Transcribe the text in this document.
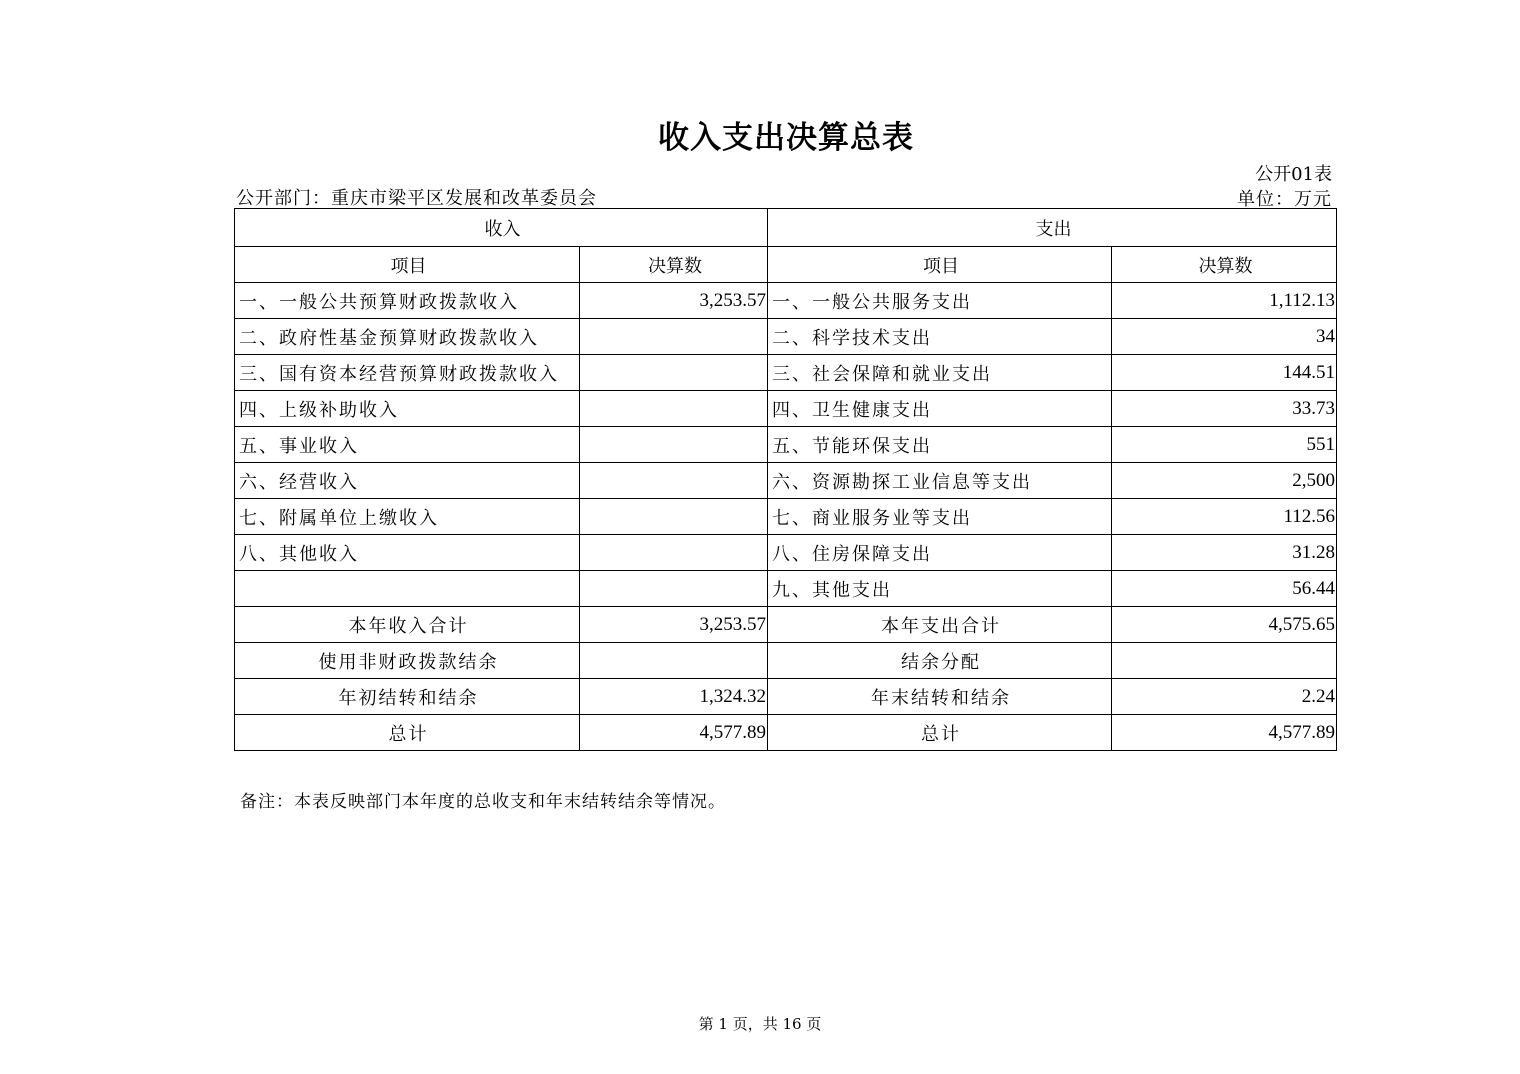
收入支出决算总表
公开01表
公开部门：重庆市梁平区发展和改革委员会	单位：万元
收入		支出	
项目	决算数	项目	决算数
一、一般公共预算财政拨款收入	3,253.57	一、一般公共服务支出	1,112.13
二、政府性基金预算财政拨款收入		二、科学技术支出	34
三、国有资本经营预算财政拨款收入		三、社会保障和就业支出	144.51
四、上级补助收入		四、卫生健康支出	33.73
五、事业收入		五、节能环保支出	551
六、经营收入		六、资源勘探工业信息等支出	2,500
七、附属单位上缴收入		七、商业服务业等支出	112.56
八、其他收入		八、住房保障支出	31.28
		九、其他支出	56.44
本年收入合计	3,253.57	本年支出合计	4,575.65
使用非财政拨款结余		结余分配	
年初结转和结余	1,324.32	年末结转和结余	2.24
总计	4,577.89	总计	4,577.89
备注：本表反映部门本年度的总收支和年末结转结余等情况。
第 1 页，共 16 页
